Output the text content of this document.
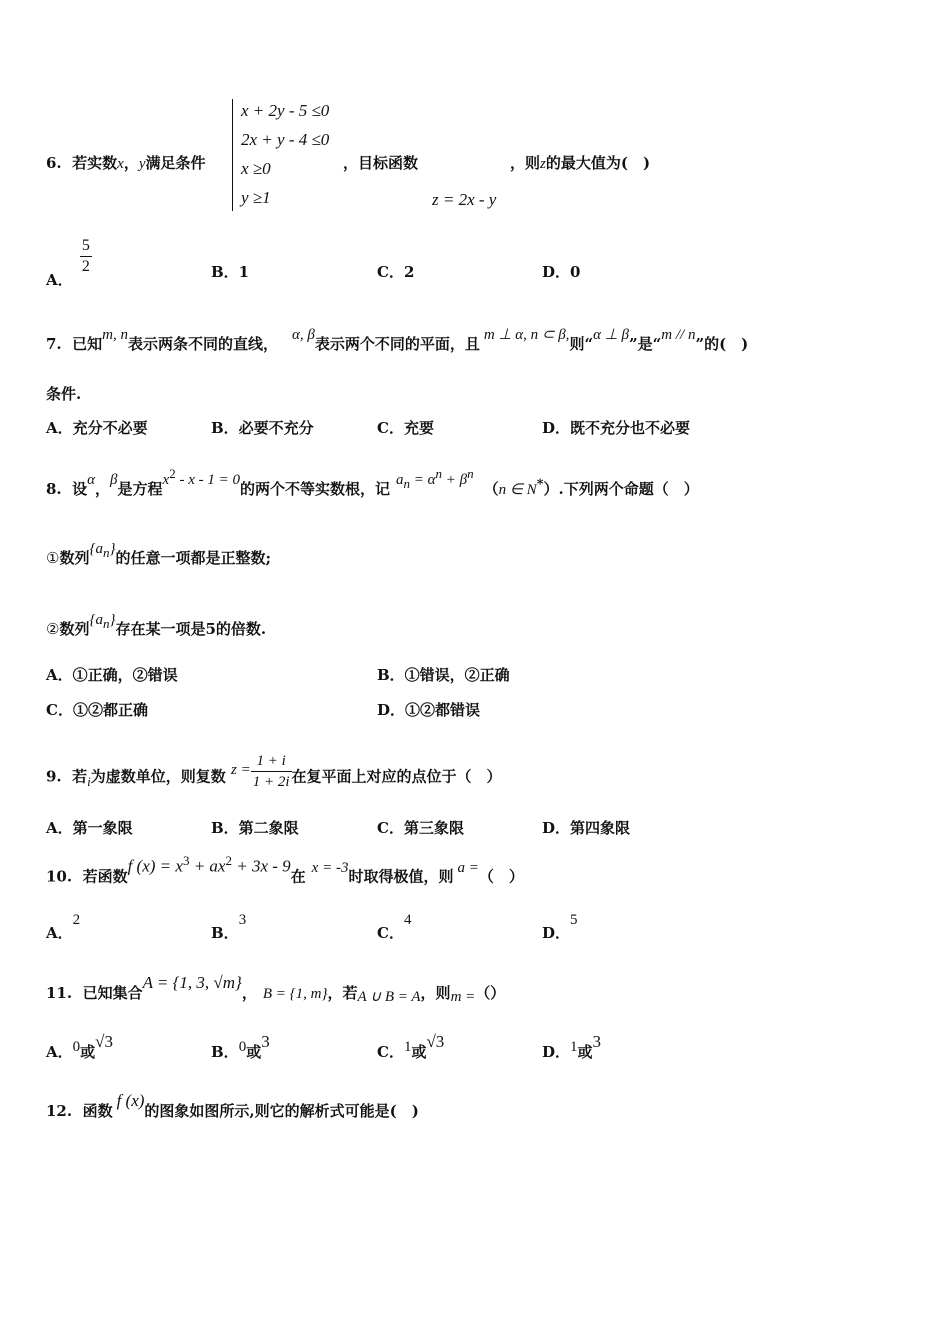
6. 若实数x，y满足条件
x + 2y - 5 ≤0
2x + y - 4 ≤0
x ≥0
y ≥1
，目标函数
z = 2x - y
，则z的最大值为(　)
A．
$\frac{5}{2}$	B．1	C．2	D．0
7. 已知m, n表示两条不同的直线， α, β表示两个不同的平面，且 m ⊥ α, n ⊂ β,则“α ⊥ β”是“m // n”的(　)
条件.
A．充分不必要	B．必要不充分	C．充要	D．既不充分也不必要
8. 设α，β是方程x2 - x - 1 = 0的两个不等实数根，记 $a_n = \alpha^n + \beta^n(n$ ∈ N*）.下列两个命题（　）
①数列$\{a_n\}$的任意一项都是正整数;
②数列$\{a_n\}$存在某一项是5的倍数.
A．①正确，②错误	B．①错误，②正确
C．①②都正确	D．①②都错误
9. 若i为虚数单位，则复数 $z = \frac{1 + i}{1 + 2i}$ 在复平面上对应的点位于（　）
A．第一象限	B．第二象限	C．第三象限	D．第四象限
10. 若函数f $(x) = x^3 + ax^2 + 3x - 9$在 x = -3时取得极值，则 a =（　）
A．2
B．3
C．4
D．5
11. 已知集合A = {1, 3, √m}， B = {1, m}，若A ∪ B = A，则m =（）
A．0或√3
B．0或3
C．1或√3
D．1或3
12. 函数f (x)的图象如图所示,则它的解析式可能是(　)
